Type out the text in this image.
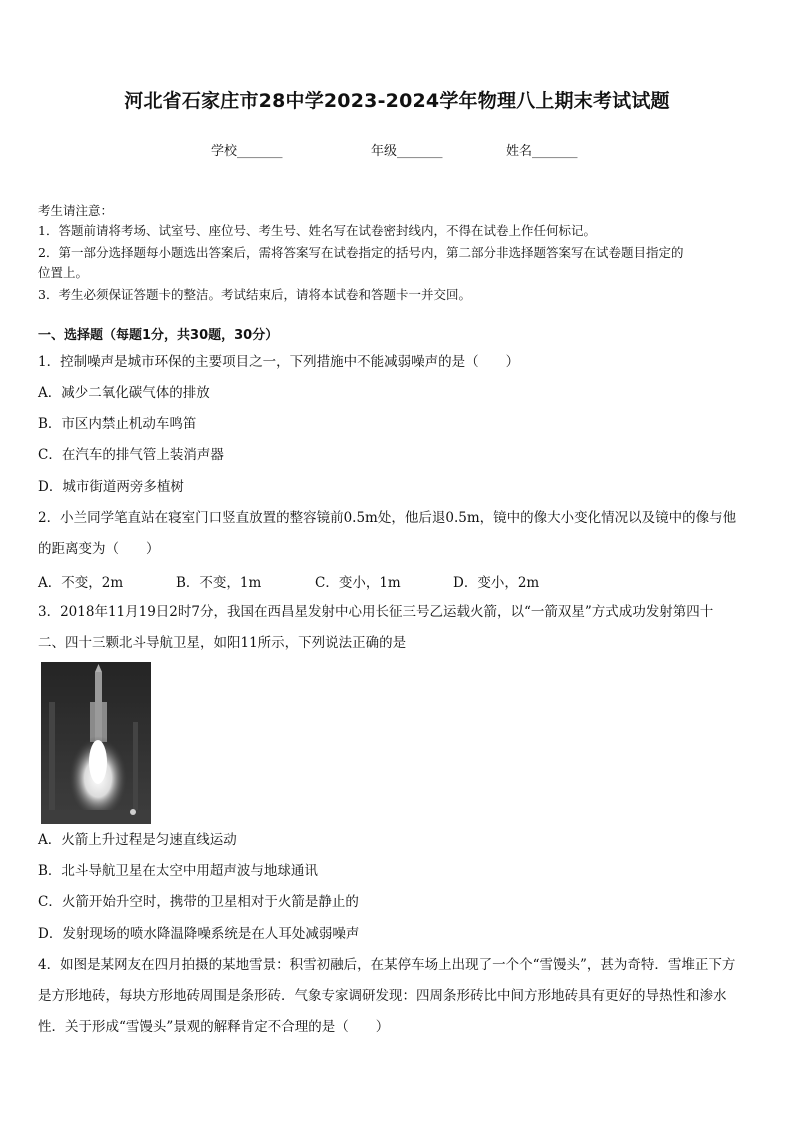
河北省石家庄市28中学2023-2024学年物理八上期末考试试题
学校_______	年级_______	姓名_______
考生请注意：
1．答题前请将考场、试室号、座位号、考生号、姓名写在试卷密封线内，不得在试卷上作任何标记。
2．第一部分选择题每小题选出答案后，需将答案写在试卷指定的括号内，第二部分非选择题答案写在试卷题目指定的
位置上。
3．考生必须保证答题卡的整洁。考试结束后，请将本试卷和答题卡一并交回。
一、选择题（每题1分，共30题，30分）
1．控制噪声是城市环保的主要项目之一，下列措施中不能减弱噪声的是（　　）
A．减少二氧化碳气体的排放
B．市区内禁止机动车鸣笛
C．在汽车的排气管上装消声器
D．城市街道两旁多植树
2．小兰同学笔直站在寝室门口竖直放置的整容镜前0.5m处，他后退0.5m，镜中的像大小变化情况以及镜中的像与他
的距离变为（　　）
A．不变，2m	B．不变，1m	C．变小，1m	D．变小，2m
3．2018年11月19日2时7分，我国在西昌星发射中心用长征三号乙运载火箭，以“一箭双星”方式成功发射第四十
二、四十三颗北斗导航卫星，如阳11所示，下列说法正确的是
A．火箭上升过程是匀速直线运动
B．北斗导航卫星在太空中用超声波与地球通讯
C．火箭开始升空时，携带的卫星相对于火箭是静止的
D．发射现场的喷水降温降噪系统是在人耳处减弱噪声
4．如图是某网友在四月拍摄的某地雪景：积雪初融后，在某停车场上出现了一个个“雪馒头”，甚为奇特．雪堆正下方
是方形地砖，每块方形地砖周围是条形砖．气象专家调研发现：四周条形砖比中间方形地砖具有更好的导热性和渗水
性．关于形成“雪馒头”景观的解释肯定不合理的是（　　）
